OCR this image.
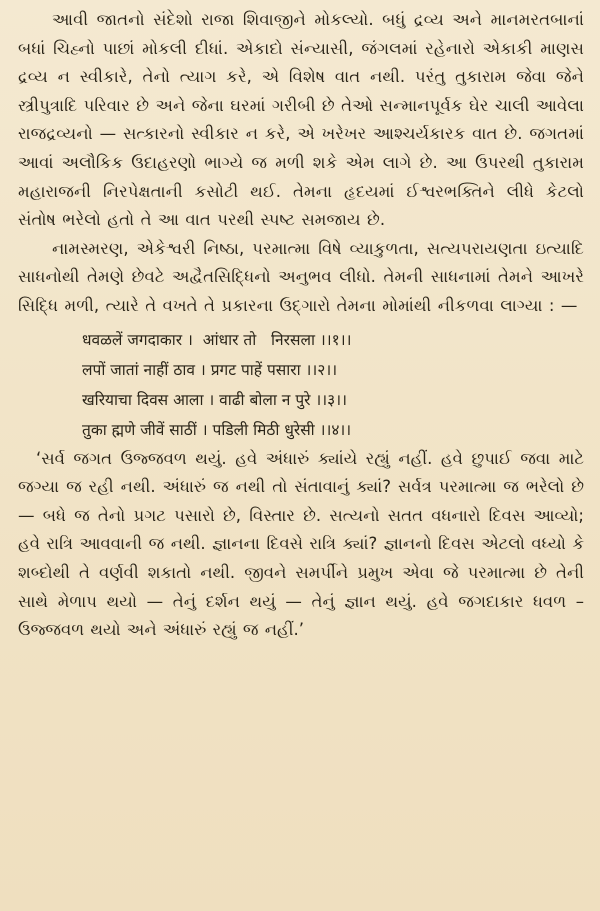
આવી જાતનો સંદેશો રાજા શિવાજીને મોકલ્યો. બધું દ્રવ્ય અને માનમરતબાનાં બધાં ચિહ્નો પાછાં મોકલી દીધાં. એકાદો સંન્યાસી, જંગલમાં રહેનારો એકાકી માણસ દ્રવ્ય ન સ્વીકારે, તેનો ત્યાગ કરે, એ વિશેષ વાત નથી. પરંતુ તુકારામ જેવા જેને સ્ત્રીપુત્રાદિ પરિવાર છે અને જેના ઘરમાં ગરીબી છે તેઓ સન્માનપૂર્વક ઘેર ચાલી આવેલા રાજદ્રવ્યનો — સત્કારનો સ્વીકાર ન કરે, એ ખરેખર આશ્ચર્યકારક વાત છે. જગતમાં આવાં અલૌકિક ઉદાહરણો ભાગ્યે જ મળી શકે એમ લાગે છે. આ ઉપરથી તુકારામ મહારાજની નિરપેક્ષતાની કસોટી થઈ. તેમના હૃદયમાં ઈશ્વરભક્તિને લીધે કેટલો સંતોષ ભરેલો હતો તે આ વાત પરથી સ્પષ્ટ સમજાય છે.

નામસ્મરણ, એકેશ્વરી નિષ્ઠા, પરમાત્મા વિષે વ્યાકુળતા, સત્યપરાયણતા ઇત્યાદિ સાધનોથી તેમણે છેવટે અદ્વૈતસિદ્ધિનો અનુભવ લીધો. તેમની સાધનામાં તેમને આખરે સિદ્ધિ મળી, ત્યારે તે વખતે તે પ્રકારના ઉદ્ગારો તેમના મોમાંથી નીકળવા લાગ્યા : —

धवळलें जगदाकार ।  आंधार तो   निरसला ।।१।।

लपों जातां नाहीं ठाव । प्रगट पाहें पसारा ।।२।।

खरियाचा दिवस आला । वाढी बोला न पुरे ।।३।।

तुका ह्मणे जीवें साठीं । पडिली मिठी धुरेसी ।।४।।

‘સર્વ જગત ઉજ્જવળ થયું. હવે અંધારું ક્યાંયે રહ્યું નહીં. હવે છુપાઈ જવા માટે જગ્યા જ રહી નથી. અંધારું જ નથી તો સંતાવાનું ક્યાં? સર્વત્ર પરમાત્મા જ ભરેલો છે — બધે જ તેનો પ્રગટ પસારો છે, વિસ્તાર છે. સત્યનો સતત વધનારો દિવસ આવ્યો; હવે રાત્રિ આવવાની જ નથી. જ્ઞાનના દિવસે રાત્રિ ક્યાં? જ્ઞાનનો દિવસ એટલો વધ્યો કે શબ્દોથી તે વર્ણવી શકાતો નથી. જીવને સમર્પીને પ્રમુખ એવા જે પરમાત્મા છે તેની સાથે મેળાપ થયો — તેનું દર્શન થયું — તેનું જ્ઞાન થયું. હવે જગદાકાર ધવળ – ઉજ્જવળ થયો અને અંધારું રહ્યું જ નહીં.’
